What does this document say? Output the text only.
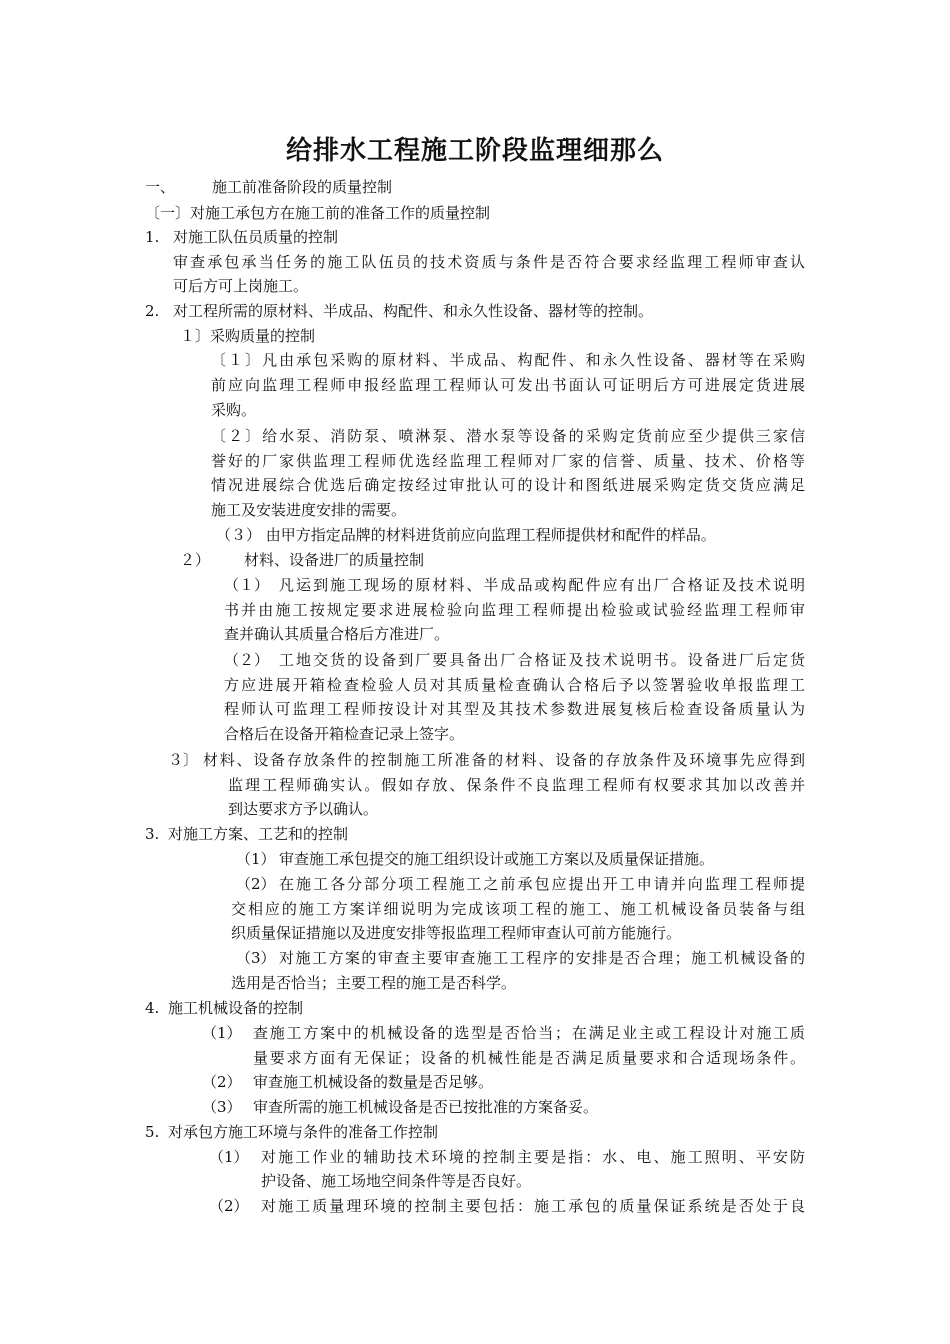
给排水工程施工阶段监理细那么
一、 施工前准备阶段的质量控制
〔一〕对施工承包方在施工前的准备工作的质量控制
1. 对施工队伍员质量的控制
审查承包承当任务的施工队伍员的技术资质与条件是否符合要求经监理工程师审查认
可后方可上岗施工。
2. 对工程所需的原材料、半成品、构配件、和永久性设备、器材等的控制。
１〕采购质量的控制
〔１〕凡由承包采购的原材料、半成品、构配件、和永久性设备、器材等在采购
前应向监理工程师申报经监理工程师认可发出书面认可证明后方可进展定货进展
采购。
〔２〕给水泵、消防泵、喷淋泵、潜水泵等设备的采购定货前应至少提供三家信
誉好的厂家供监理工程师优选经监理工程师对厂家的信誉、质量、技术、价格等
情况进展综合优选后确定按经过审批认可的设计和图纸进展采购定货交货应满足
施工及安装进度安排的需要。
（３） 由甲方指定品牌的材料进货前应向监理工程师提供材和配件的样品。
２） 材料、设备进厂的质量控制
（１） 凡运到施工现场的原材料、半成品或构配件应有出厂合格证及技术说明
书并由施工按规定要求进展检验向监理工程师提出检验或试验经监理工程师审
查并确认其质量合格后方准进厂。
（２） 工地交货的设备到厂要具备出厂合格证及技术说明书。设备进厂后定货
方应进展开箱检查检验人员对其质量检查确认合格后予以签署验收单报监理工
程师认可监理工程师按设计对其型及其技术参数进展复核后检查设备质量认为
合格后在设备开箱检查记录上签字。
３〕 材料、设备存放条件的控制施工所准备的材料、设备的存放条件及环境事先应得到
监理工程师确实认。假如存放、保条件不良监理工程师有权要求其加以改善并
到达要求方予以确认。
3. 对施工方案、工艺和的控制
（1） 审查施工承包提交的施工组织设计或施工方案以及质量保证措施。
（2） 在施工各分部分项工程施工之前承包应提出开工申请并向监理工程师提
交相应的施工方案详细说明为完成该项工程的施工、施工机械设备员装备与组
织质量保证措施以及进度安排等报监理工程师审查认可前方能施行。
（3） 对施工方案的审查主要审查施工工程序的安排是否合理；施工机械设备的
选用是否恰当；主要工程的施工是否科学。
4. 施工机械设备的控制
（1） 查施工方案中的机械设备的选型是否恰当；在满足业主或工程设计对施工质
量要求方面有无保证；设备的机械性能是否满足质量要求和合适现场条件。
（2） 审查施工机械设备的数量是否足够。
（3） 审查所需的施工机械设备是否已按批准的方案备妥。
5. 对承包方施工环境与条件的准备工作控制
（1） 对施工作业的辅助技术环境的控制主要是指：水、电、施工照明、平安防
护设备、施工场地空间条件等是否良好。
（2） 对施工质量理环境的控制主要包括：施工承包的质量保证系统是否处于良
